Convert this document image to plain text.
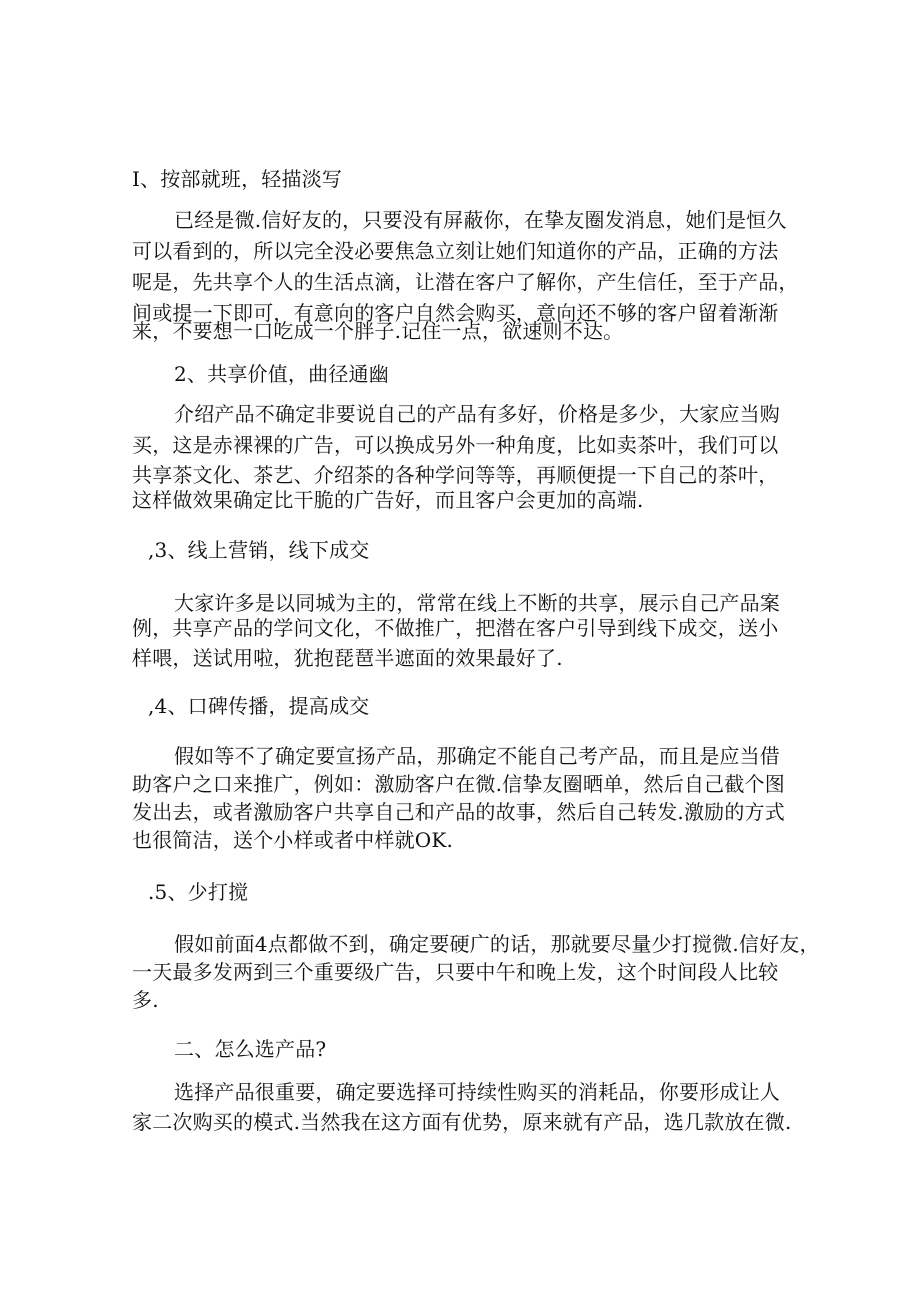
I、按部就班，轻描淡写
已经是微.信好友的，只要没有屏蔽你，在挚友圈发消息，她们是恒久
可以看到的，所以完全没必要焦急立刻让她们知道你的产品，正确的方法
呢是，先共享个人的生活点滴，让潜在客户了解你，产生信任，至于产品，
间或提一下即可，有意向的客户自然会购买，意向还不够的客户留着渐渐
来，不要想一口吃成一个胖子.记住一点，欲速则不达。
2、共享价值，曲径通幽
介绍产品不确定非要说自己的产品有多好，价格是多少，大家应当购
买，这是赤裸裸的广告，可以换成另外一种角度，比如卖茶叶，我们可以
共享茶文化、茶艺、介绍茶的各种学问等等，再顺便提一下自己的茶叶，
这样做效果确定比干脆的广告好，而且客户会更加的高端.
,3、线上营销，线下成交
大家许多是以同城为主的，常常在线上不断的共享，展示自己产品案
例，共享产品的学问文化，不做推广，把潜在客户引导到线下成交，送小
样喂，送试用啦，犹抱琵琶半遮面的效果最好了.
,4、口碑传播，提高成交
假如等不了确定要宣扬产品，那确定不能自己考产品，而且是应当借
助客户之口来推广，例如：激励客户在微.信挚友圈晒单，然后自己截个图
发出去，或者激励客户共享自己和产品的故事，然后自己转发.激励的方式
也很简洁，送个小样或者中样就OK.
.5、少打搅
假如前面4点都做不到，确定要硬广的话，那就要尽量少打搅微.信好友，
一天最多发两到三个重要级广告，只要中午和晚上发，这个时间段人比较
多.
二、怎么选产品?
选择产品很重要，确定要选择可持续性购买的消耗品，你要形成让人
家二次购买的模式.当然我在这方面有优势，原来就有产品，选几款放在微.
